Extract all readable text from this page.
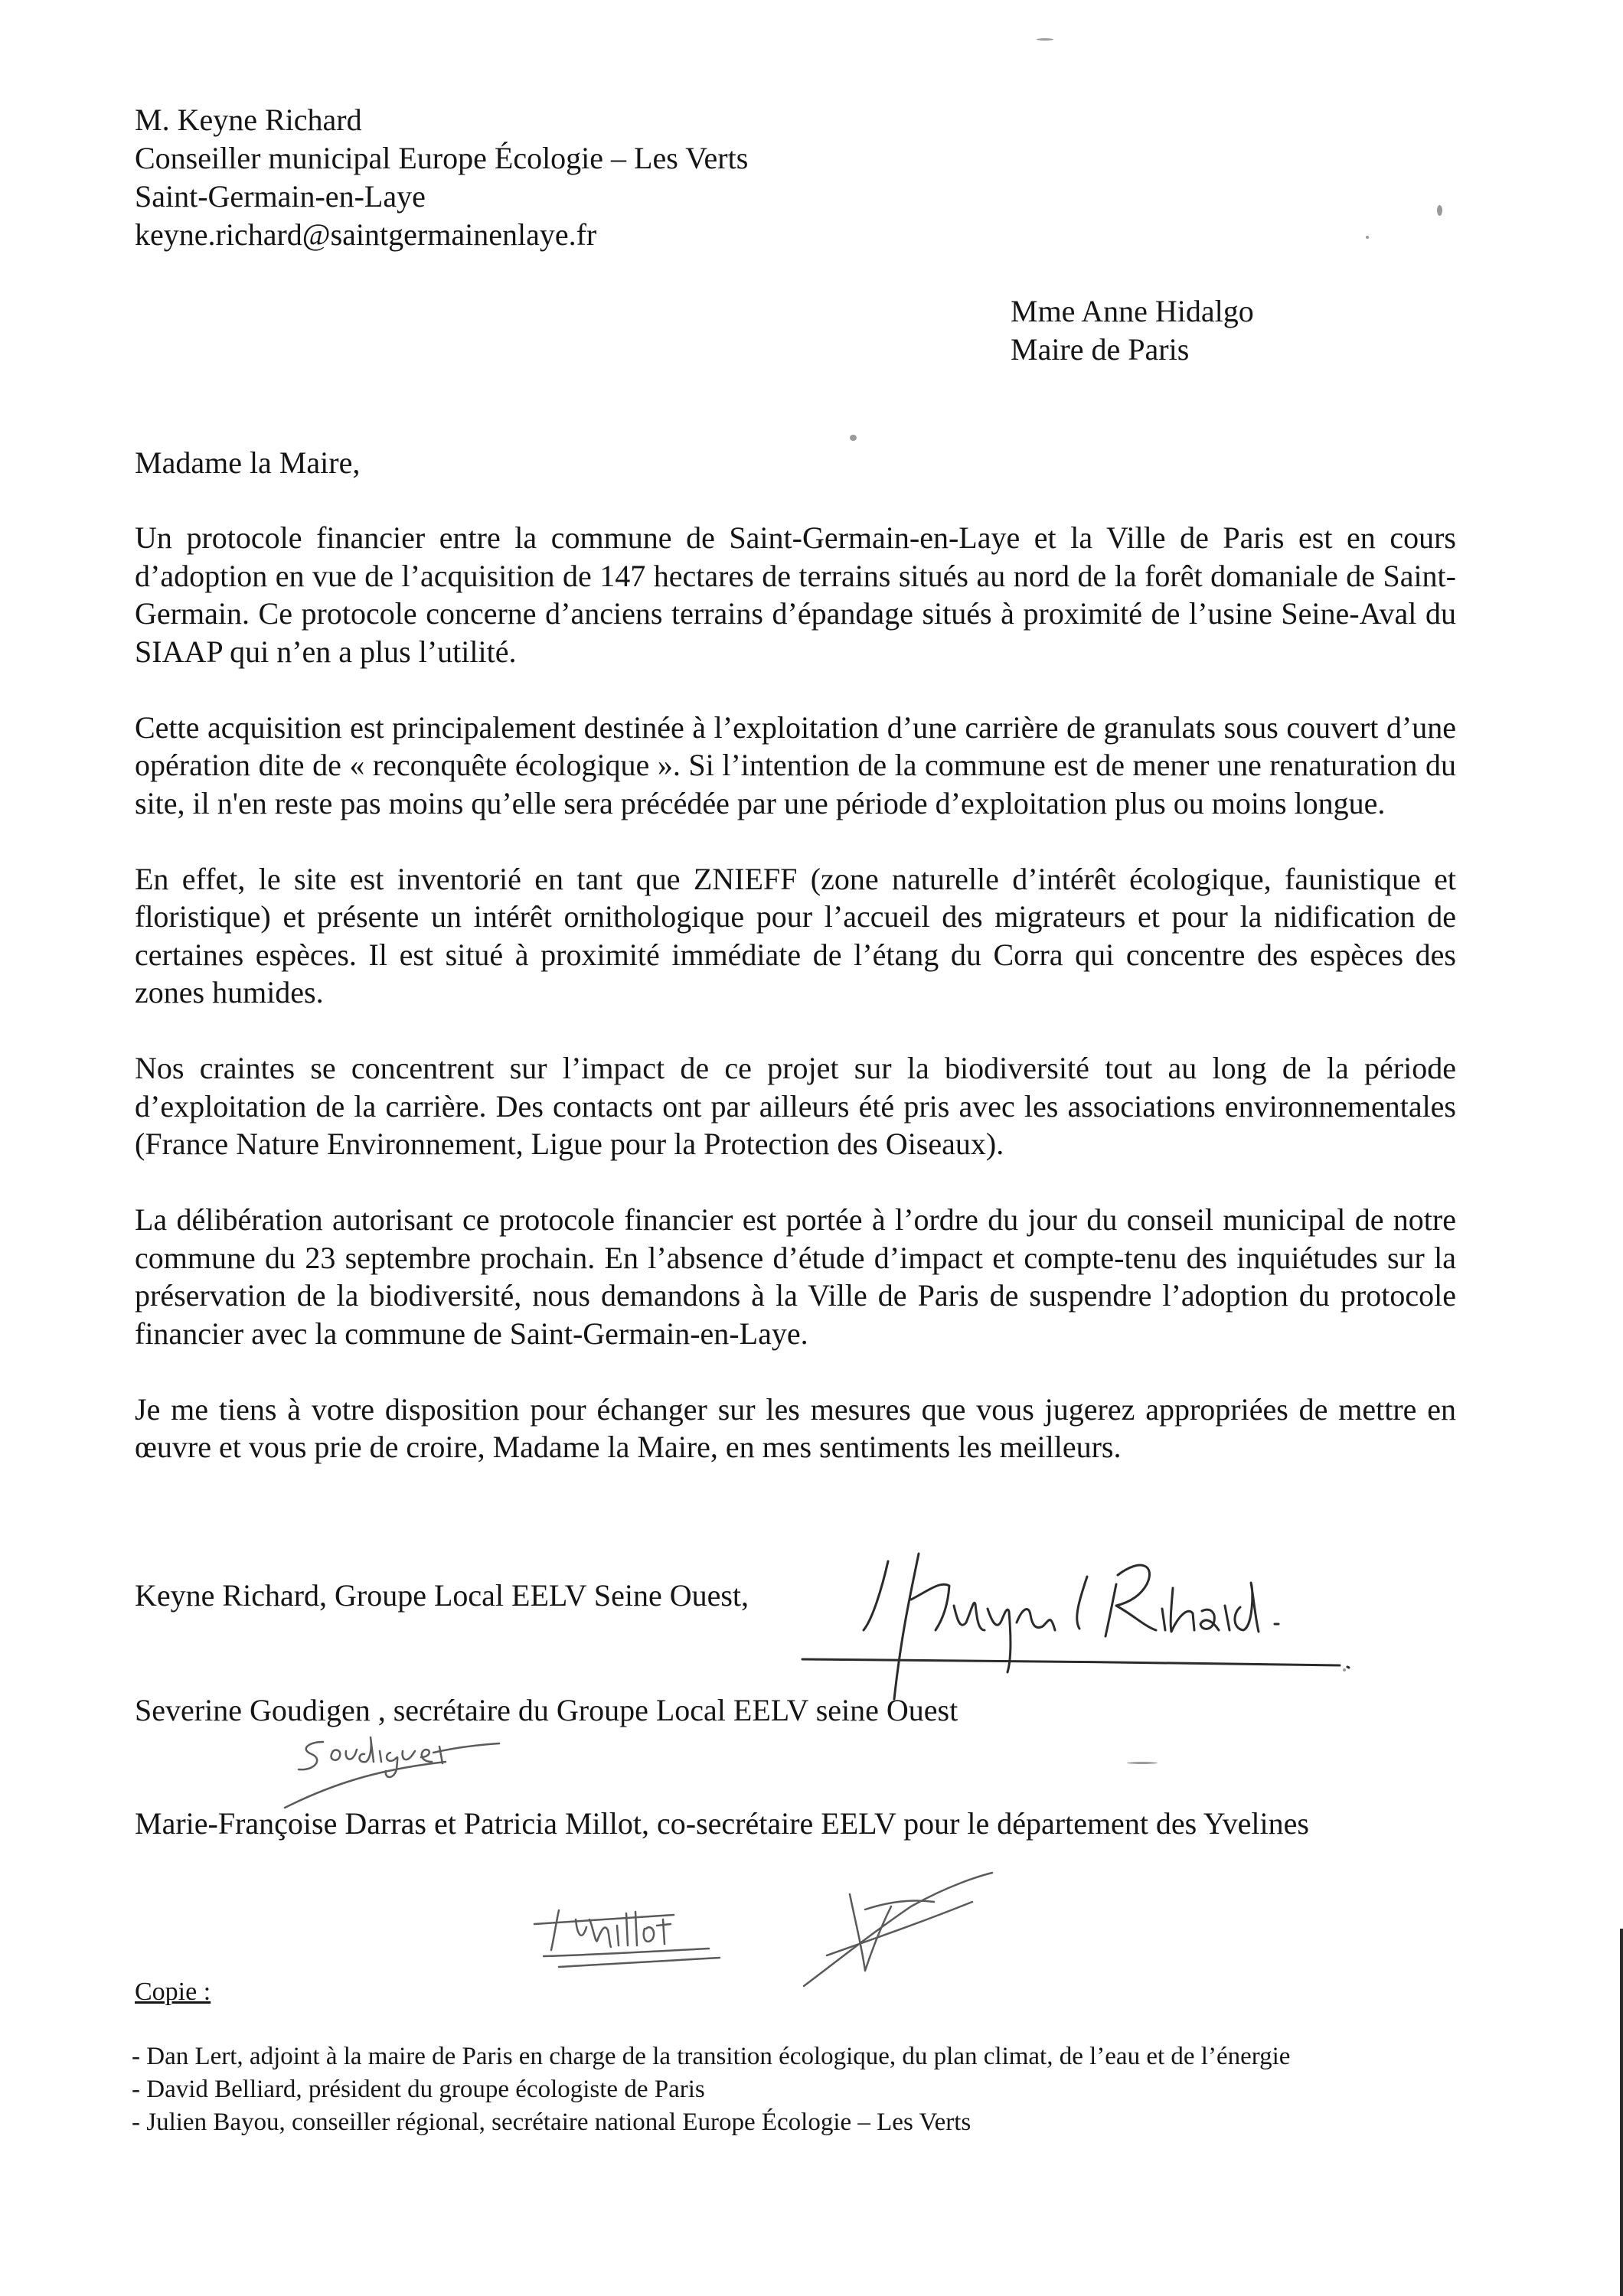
M. Keyne Richard
Conseiller municipal Europe Écologie – Les Verts
Saint-Germain-en-Laye
keyne.richard@saintgermainenlaye.fr
Mme Anne Hidalgo
Maire de Paris
Madame la Maire,

Un protocole financier entre la commune de Saint-Germain-en-Laye et la Ville de Paris est en cours d’adoption en vue de l’acquisition de 147 hectares de terrains situés au nord de la forêt domaniale de Saint-Germain. Ce protocole concerne d’anciens terrains d’épandage situés à proximité de l’usine Seine-Aval du SIAAP qui n’en a plus l’utilité.

Cette acquisition est principalement destinée à l’exploitation d’une carrière de granulats sous couvert d’une opération dite de « reconquête écologique ». Si l’intention de la commune est de mener une renaturation du site, il n'en reste pas moins qu’elle sera précédée par une période d’exploitation plus ou moins longue.

En effet, le site est inventorié en tant que ZNIEFF (zone naturelle d’intérêt écologique, faunistique et floristique) et présente un intérêt ornithologique pour l’accueil des migrateurs et pour la nidification de certaines espèces. Il est situé à proximité immédiate de l’étang du Corra qui concentre des espèces des zones humides.

Nos craintes se concentrent sur l’impact de ce projet sur la biodiversité tout au long de la période d’exploitation de la carrière. Des contacts ont par ailleurs été pris avec les associations environnementales (France Nature Environnement, Ligue pour la Protection des Oiseaux).

La délibération autorisant ce protocole financier est portée à l’ordre du jour du conseil municipal de notre commune du 23 septembre prochain. En l’absence d’étude d’impact et compte-tenu des inquiétudes sur la préservation de la biodiversité, nous demandons à la Ville de Paris de suspendre l’adoption du protocole financier avec la commune de Saint-Germain-en-Laye.

Je me tiens à votre disposition pour échanger sur les mesures que vous jugerez appropriées de mettre en œuvre et vous prie de croire, Madame la Maire, en mes sentiments les meilleurs.

Keyne Richard, Groupe Local EELV Seine Ouest,
Severine Goudigen , secrétaire du Groupe Local EELV seine Ouest
Marie-Françoise Darras et Patricia Millot, co-secrétaire EELV pour le département des Yvelines
Copie :
- Dan Lert, adjoint à la maire de Paris en charge de la transition écologique, du plan climat, de l’eau et de l’énergie
- David Belliard, président du groupe écologiste de Paris
- Julien Bayou, conseiller régional, secrétaire national Europe Écologie – Les Verts
